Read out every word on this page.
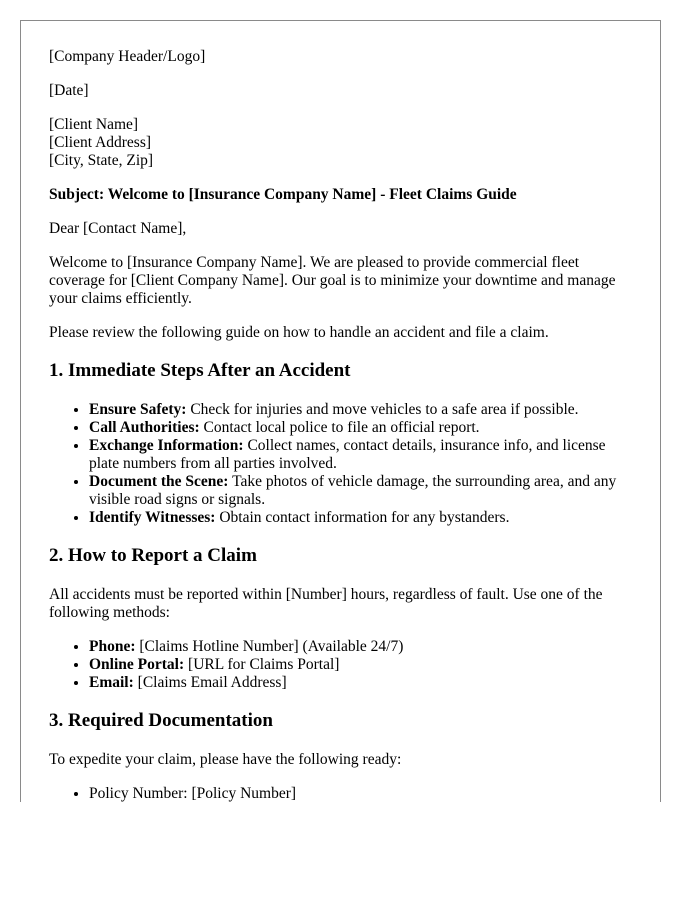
[Company Header/Logo]

[Date]

[Client Name]
[Client Address]
[City, State, Zip]

Subject: Welcome to [Insurance Company Name] - Fleet Claims Guide

Dear [Contact Name],

Welcome to [Insurance Company Name]. We are pleased to provide commercial fleet coverage for [Client Company Name]. Our goal is to minimize your downtime and manage your claims efficiently.

Please review the following guide on how to handle an accident and file a claim.

1. Immediate Steps After an Accident
• Ensure Safety: Check for injuries and move vehicles to a safe area if possible.
• Call Authorities: Contact local police to file an official report.
• Exchange Information: Collect names, contact details, insurance info, and license plate numbers from all parties involved.
• Document the Scene: Take photos of vehicle damage, the surrounding area, and any visible road signs or signals.
• Identify Witnesses: Obtain contact information for any bystanders.
2. How to Report a Claim

All accidents must be reported within [Number] hours, regardless of fault. Use one of the following methods:

• Phone: [Claims Hotline Number] (Available 24/7)
• Online Portal: [URL for Claims Portal]
• Email: [Claims Email Address]
3. Required Documentation

To expedite your claim, please have the following ready:

• Policy Number: [Policy Number]
